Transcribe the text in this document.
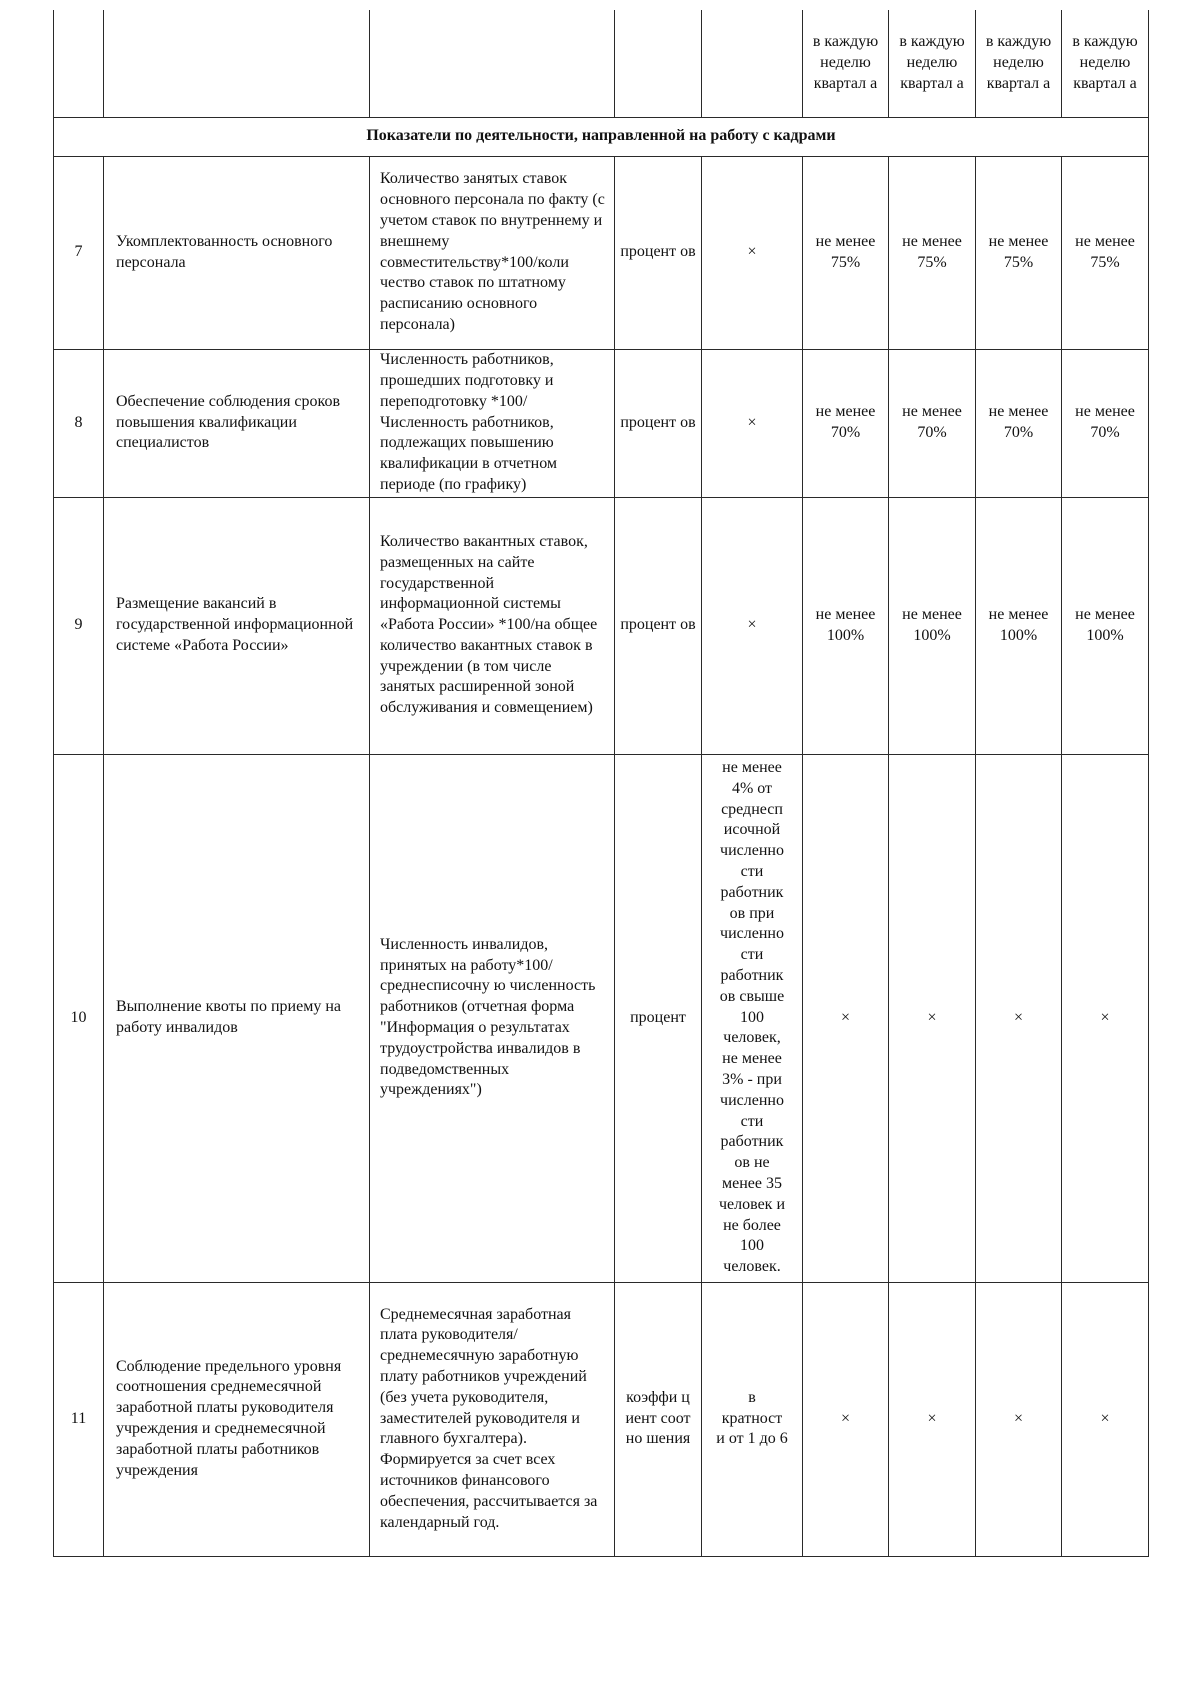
					в каждую неделю квартал а	в каждую неделю квартал а	в каждую неделю квартал а	в каждую неделю квартал а

Показатели по деятельности, направленной на работу с кадрами								
7	Укомплектованность основного персонала	Количество занятых ставок основного персонала по факту (с учетом ставок по внутреннему и внешнему совместительству*100/коли чество ставок по штатному расписанию основного персонала)	процент ов	×	не менее 75%	не менее 75%	не менее 75%	не менее 75%

8	Обеспечение соблюдения сроков повышения квалификации специалистов	Численность работников, прошедших подготовку и переподготовку *100/ Численность работников, подлежащих повышению квалификации в отчетном периоде (по графику)	процент ов	×	не менее 70%	не менее 70%	не менее 70%	не менее 70%

9	Размещение вакансий в государственной информационной системе «Работа России»	Количество вакантных ставок, размещенных на сайте государственной информационной системы «Работа России» *100/на общее количество вакантных ставок в учреждении (в том числе занятых расширенной зоной обслуживания и совмещением)	процент ов	×	не менее 100%	не менее 100%	не менее 100%	не менее 100%

10	Выполнение квоты по приему на работу инвалидов	Численность инвалидов, принятых на работу*100/среднесписочну ю численность работников (отчетная форма "Информация о результатах трудоустройства инвалидов в подведомственных учреждениях")	процент	не менее 4% от среднесп исочной численно сти работник ов при численно сти работник ов свыше 100 человек, не менее 3% - при численно сти работник ов не менее 35 человек и не более 100 человек.	×	×	×	×
11	Соблюдение предельного уровня соотношения среднемесячной заработной платы руководителя учреждения и среднемесячной заработной платы работников учреждения	Среднемесячная заработная плата руководителя/ среднемесячную заработную плату работников учреждений (без учета руководителя, заместителей руководителя и главного бухгалтера). Формируется за счет всех источников финансового обеспечения, рассчитывается за календарный год.	коэффи циент соотно шения	в кратност и от 1 до 6	×	×	×	×
